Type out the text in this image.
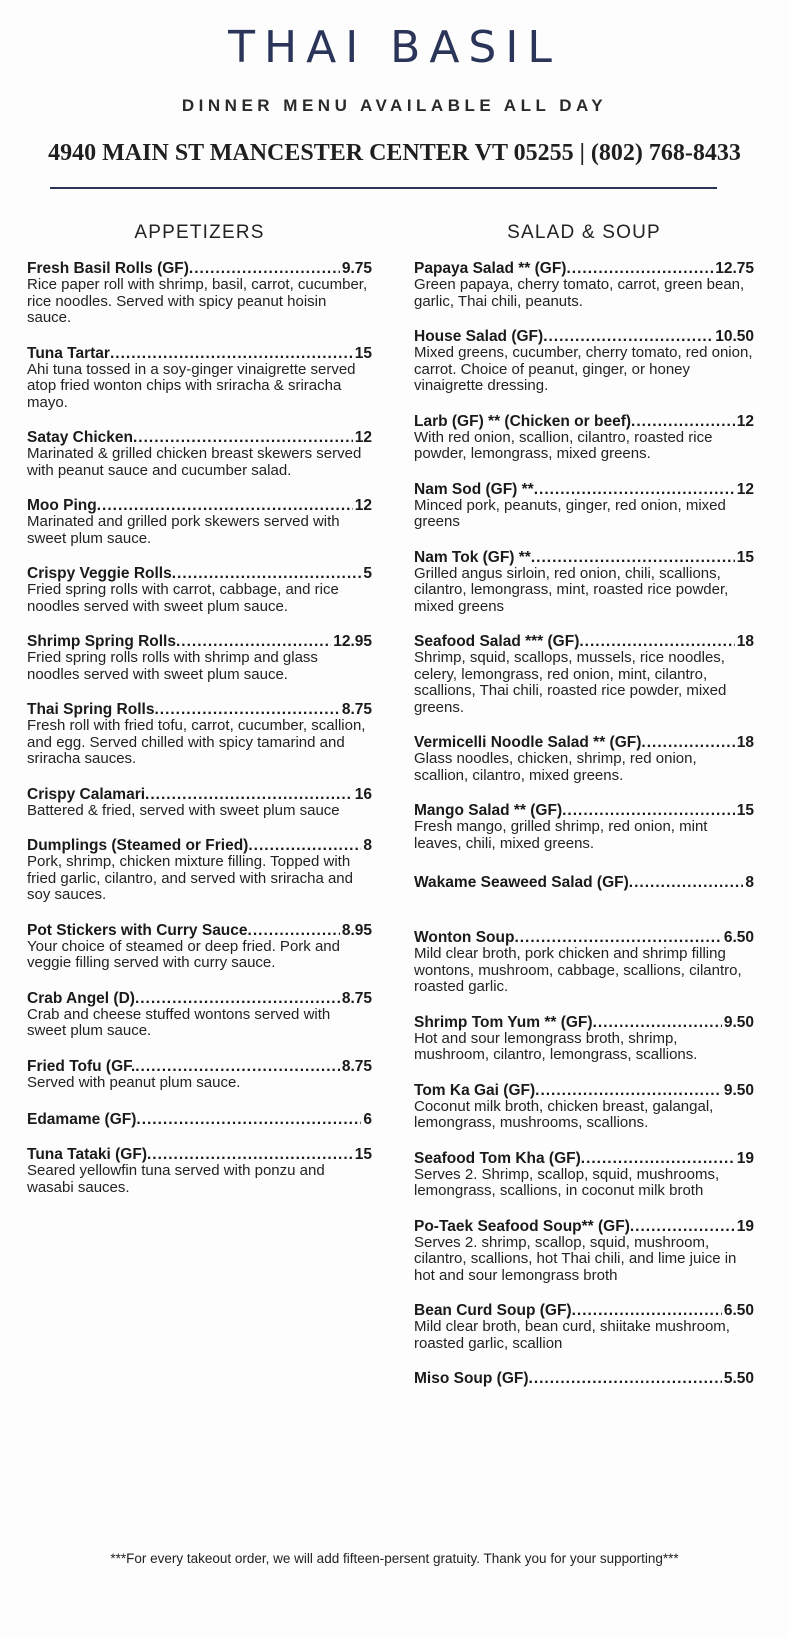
THAI BASIL
DINNER MENU AVAILABLE ALL DAY
4940 MAIN ST MANCESTER CENTER VT 05255 | (802) 768-8433
APPETIZERS
Fresh Basil Rolls (GF) .....	9.75
Rice paper roll with shrimp, basil, carrot, cucumber, rice noodles. Served with spicy peanut hoisin sauce.
Tuna Tartar .....	15
Ahi tuna tossed in a soy-ginger vinaigrette served atop fried wonton chips with sriracha & sriracha mayo.
Satay Chicken .....	12
Marinated & grilled chicken breast skewers served with peanut sauce and cucumber salad.
Moo Ping .....	12
Marinated and grilled pork skewers served with sweet plum sauce.
Crispy Veggie Rolls .....	5
Fried spring rolls with carrot, cabbage, and rice noodles served with sweet plum sauce.
Shrimp Spring Rolls .....	12.95
Fried spring rolls rolls with shrimp and glass noodles served with sweet plum sauce.
Thai Spring Rolls .....	8.75
Fresh roll with fried tofu, carrot, cucumber, scallion, and egg. Served chilled with spicy tamarind and sriracha sauces.
Crispy Calamari .....	16
Battered & fried, served with sweet plum sauce
Dumplings (Steamed or Fried) .....	8
Pork, shrimp, chicken mixture filling. Topped with fried garlic, cilantro, and served with sriracha and soy sauces.
Pot Stickers with Curry Sauce .....	8.95
Your choice of steamed or deep fried. Pork and veggie filling served with curry sauce.
Crab Angel (D) .....	8.75
Crab and cheese stuffed wontons served with sweet plum sauce.
Fried Tofu (GF. .....	8.75
Served with peanut plum sauce.
Edamame (GF) .....	6
Tuna Tataki (GF) .....	15
Seared yellowfin tuna served with ponzu and wasabi sauces.
SALAD & SOUP
Papaya Salad ** (GF) .....	12.75
Green papaya, cherry tomato, carrot, green bean, garlic, Thai chili, peanuts.
House Salad (GF) .....	10.50
Mixed greens, cucumber, cherry tomato, red onion, carrot. Choice of peanut, ginger, or honey vinaigrette dressing.
Larb (GF) ** (Chicken or beef) .....	12
With red onion, scallion, cilantro, roasted rice powder, lemongrass, mixed greens.
Nam Sod (GF) ** .....	12
Minced pork, peanuts, ginger, red onion, mixed greens
Nam Tok (GF) ** .....	15
Grilled angus sirloin, red onion, chili, scallions, cilantro, lemongrass, mint, roasted rice powder, mixed greens
Seafood Salad *** (GF) .....	18
Shrimp, squid, scallops, mussels, rice noodles, celery, lemongrass, red onion, mint, cilantro, scallions, Thai chili, roasted rice powder, mixed greens.
Vermicelli Noodle Salad ** (GF) .....	18
Glass noodles, chicken, shrimp, red onion, scallion, cilantro, mixed greens.
Mango Salad ** (GF) .....	15
Fresh mango, grilled shrimp, red onion, mint leaves, chili, mixed greens.
Wakame Seaweed Salad (GF) .....	8
Wonton Soup .....	6.50
Mild clear broth, pork chicken and shrimp filling wontons, mushroom, cabbage, scallions, cilantro, roasted garlic.
Shrimp Tom Yum ** (GF) .....	9.50
Hot and sour lemongrass broth, shrimp, mushroom, cilantro, lemongrass, scallions.
Tom Ka Gai (GF) .....	9.50
Coconut milk broth, chicken breast, galangal, lemongrass, mushrooms, scallions.
Seafood Tom Kha (GF) .....	19
Serves 2. Shrimp, scallop, squid, mushrooms, lemongrass, scallions, in coconut milk broth
Po-Taek Seafood Soup** (GF) .....	19
Serves 2. shrimp, scallop, squid, mushroom, cilantro, scallions, hot Thai chili, and lime juice in hot and sour lemongrass broth
Bean Curd Soup (GF) .....	6.50
Mild clear broth, bean curd, shiitake mushroom, roasted garlic, scallion
Miso Soup (GF) .....	5.50
***For every takeout order, we will add fifteen-persent gratuity. Thank you for your supporting***
